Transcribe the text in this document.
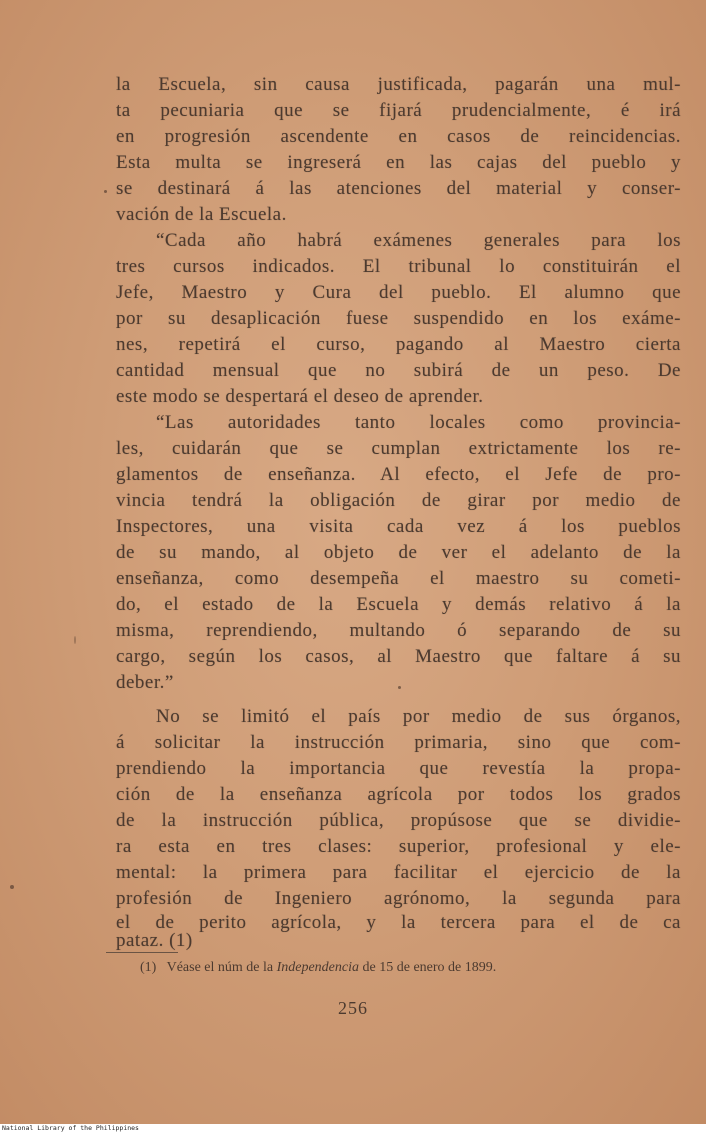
la Escuela, sin causa justificada, pagarán una mul-
ta pecuniaria que se fijará prudencialmente, é irá
en progresión ascendente en casos de reincidencias.
Esta multa se ingreserá en las cajas del pueblo y
se destinará á las atenciones del material y conser-
vación de la Escuela.
“Cada año habrá exámenes generales para los
tres cursos indicados. El tribunal lo constituirán el
Jefe, Maestro y Cura del pueblo. El alumno que
por su desaplicación fuese suspendido en los exáme-
nes, repetirá el curso, pagando al Maestro cierta
cantidad mensual que no subirá de un peso. De
este modo se despertará el deseo de aprender.
“Las autoridades tanto locales como provincia-
les, cuidarán que se cumplan extrictamente los re-
glamentos de enseñanza. Al efecto, el Jefe de pro-
vincia tendrá la obligación de girar por medio de
Inspectores, una visita cada vez á los pueblos
de su mando, al objeto de ver el adelanto de la
enseñanza, como desempeña el maestro su cometi-
do, el estado de la Escuela y demás relativo á la
misma, reprendiendo, multando ó separando de su
cargo, según los casos, al Maestro que faltare á su
deber.”
No se limitó el país por medio de sus órganos,
á solicitar la instrucción primaria, sino que com-
prendiendo la importancia que revestía la propa-
ción de la enseñanza agrícola por todos los grados
de la instrucción pública, propúsose que se dividie-
ra esta en tres clases: superior, profesional y ele-
mental: la primera para facilitar el ejercicio de la
profesión de Ingeniero agrónomo, la segunda para
el de perito agrícola, y la tercera para el de ca
pataz. (1)
(1) Véase el núm de la Independencia de 15 de enero de 1899.
256
National Library of the Philippines
